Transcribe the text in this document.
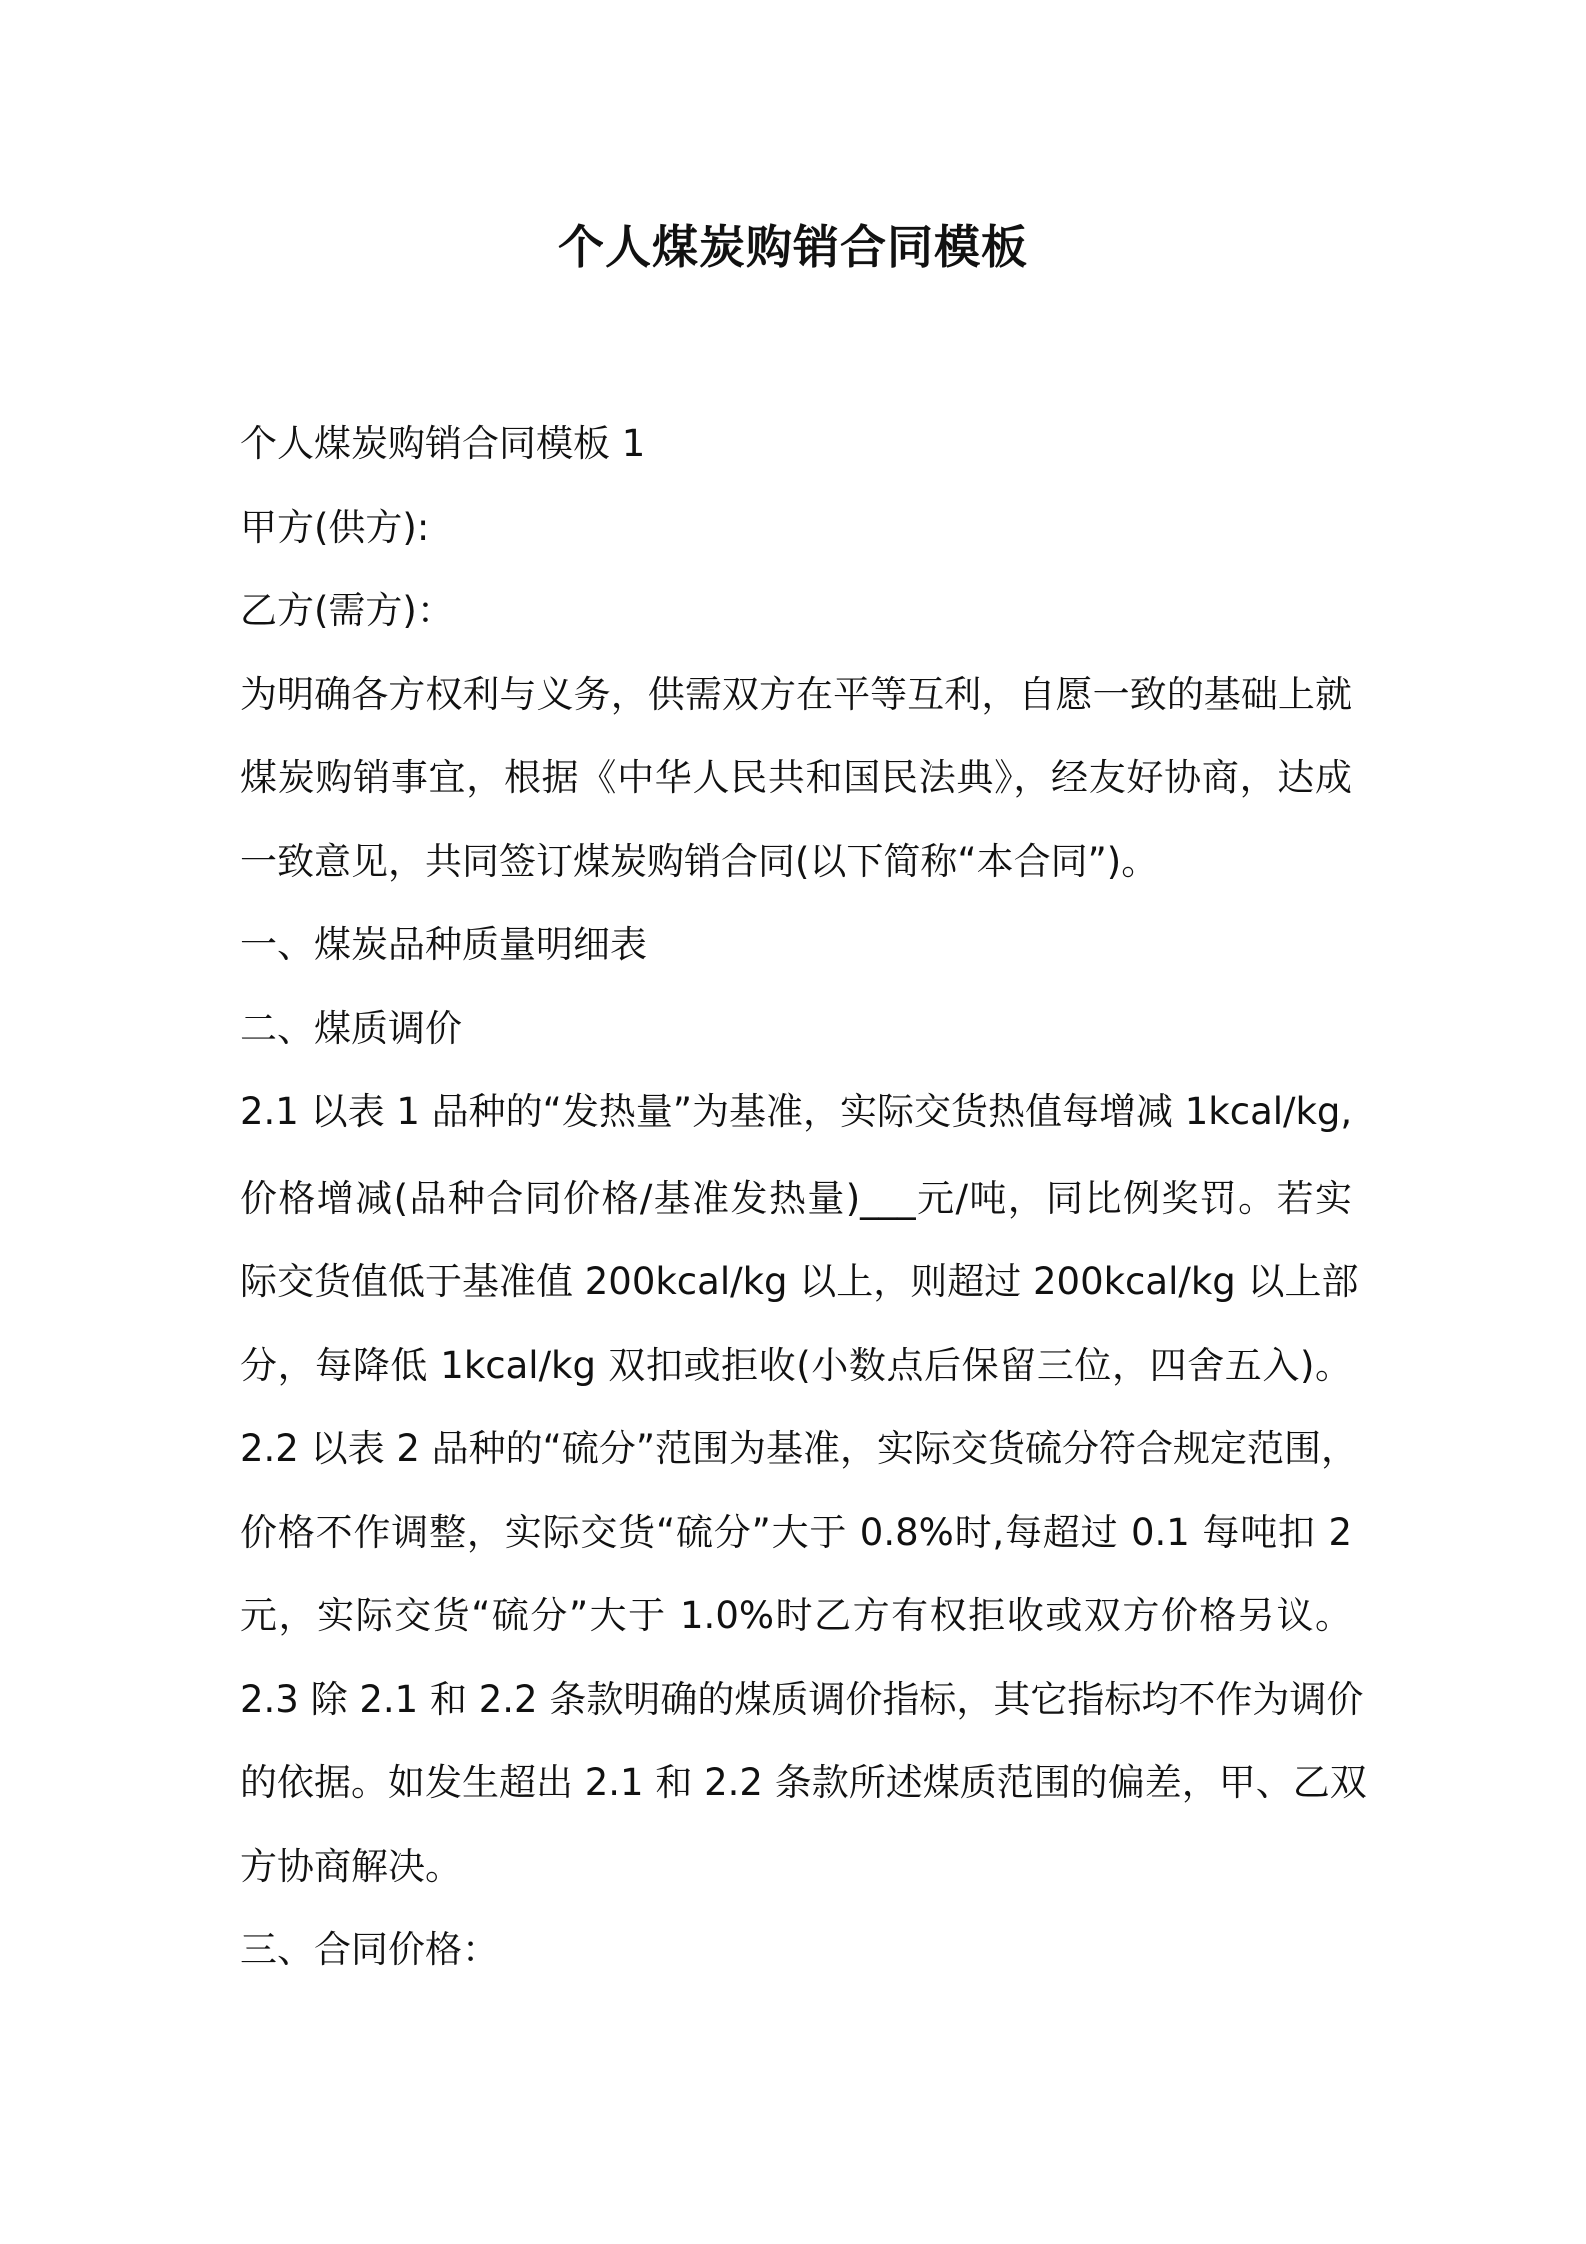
个人煤炭购销合同模板

个人煤炭购销合同模板 1

甲方(供方):

乙方(需方)：

为明确各方权利与义务，供需双方在平等互利，自愿一致的基础上就

煤炭购销事宜，根据《中华人民共和国民法典》，经友好协商，达成

一致意见，共同签订煤炭购销合同(以下简称“本合同”)。

一、煤炭品种质量明细表

二、煤质调价

2.1 以表 1 品种的“发热量”为基准，实际交货热值每增减 1kcal/kg,

价格增减(品种合同价格/基准发热量)___元/吨，同比例奖罚。若实

际交货值低于基准值 200kcal/kg 以上，则超过 200kcal/kg 以上部

分，每降低 1kcal/kg 双扣或拒收(小数点后保留三位，四舍五入)。

2.2 以表 2 品种的“硫分”范围为基准，实际交货硫分符合规定范围，

价格不作调整，实际交货“硫分”大于 0.8%时,每超过 0.1 每吨扣 2

元，实际交货“硫分”大于 1.0%时乙方有权拒收或双方价格另议。

2.3 除 2.1 和 2.2 条款明确的煤质调价指标，其它指标均不作为调价

的依据。如发生超出 2.1 和 2.2 条款所述煤质范围的偏差，甲、乙双

方协商解决。

三、合同价格：
